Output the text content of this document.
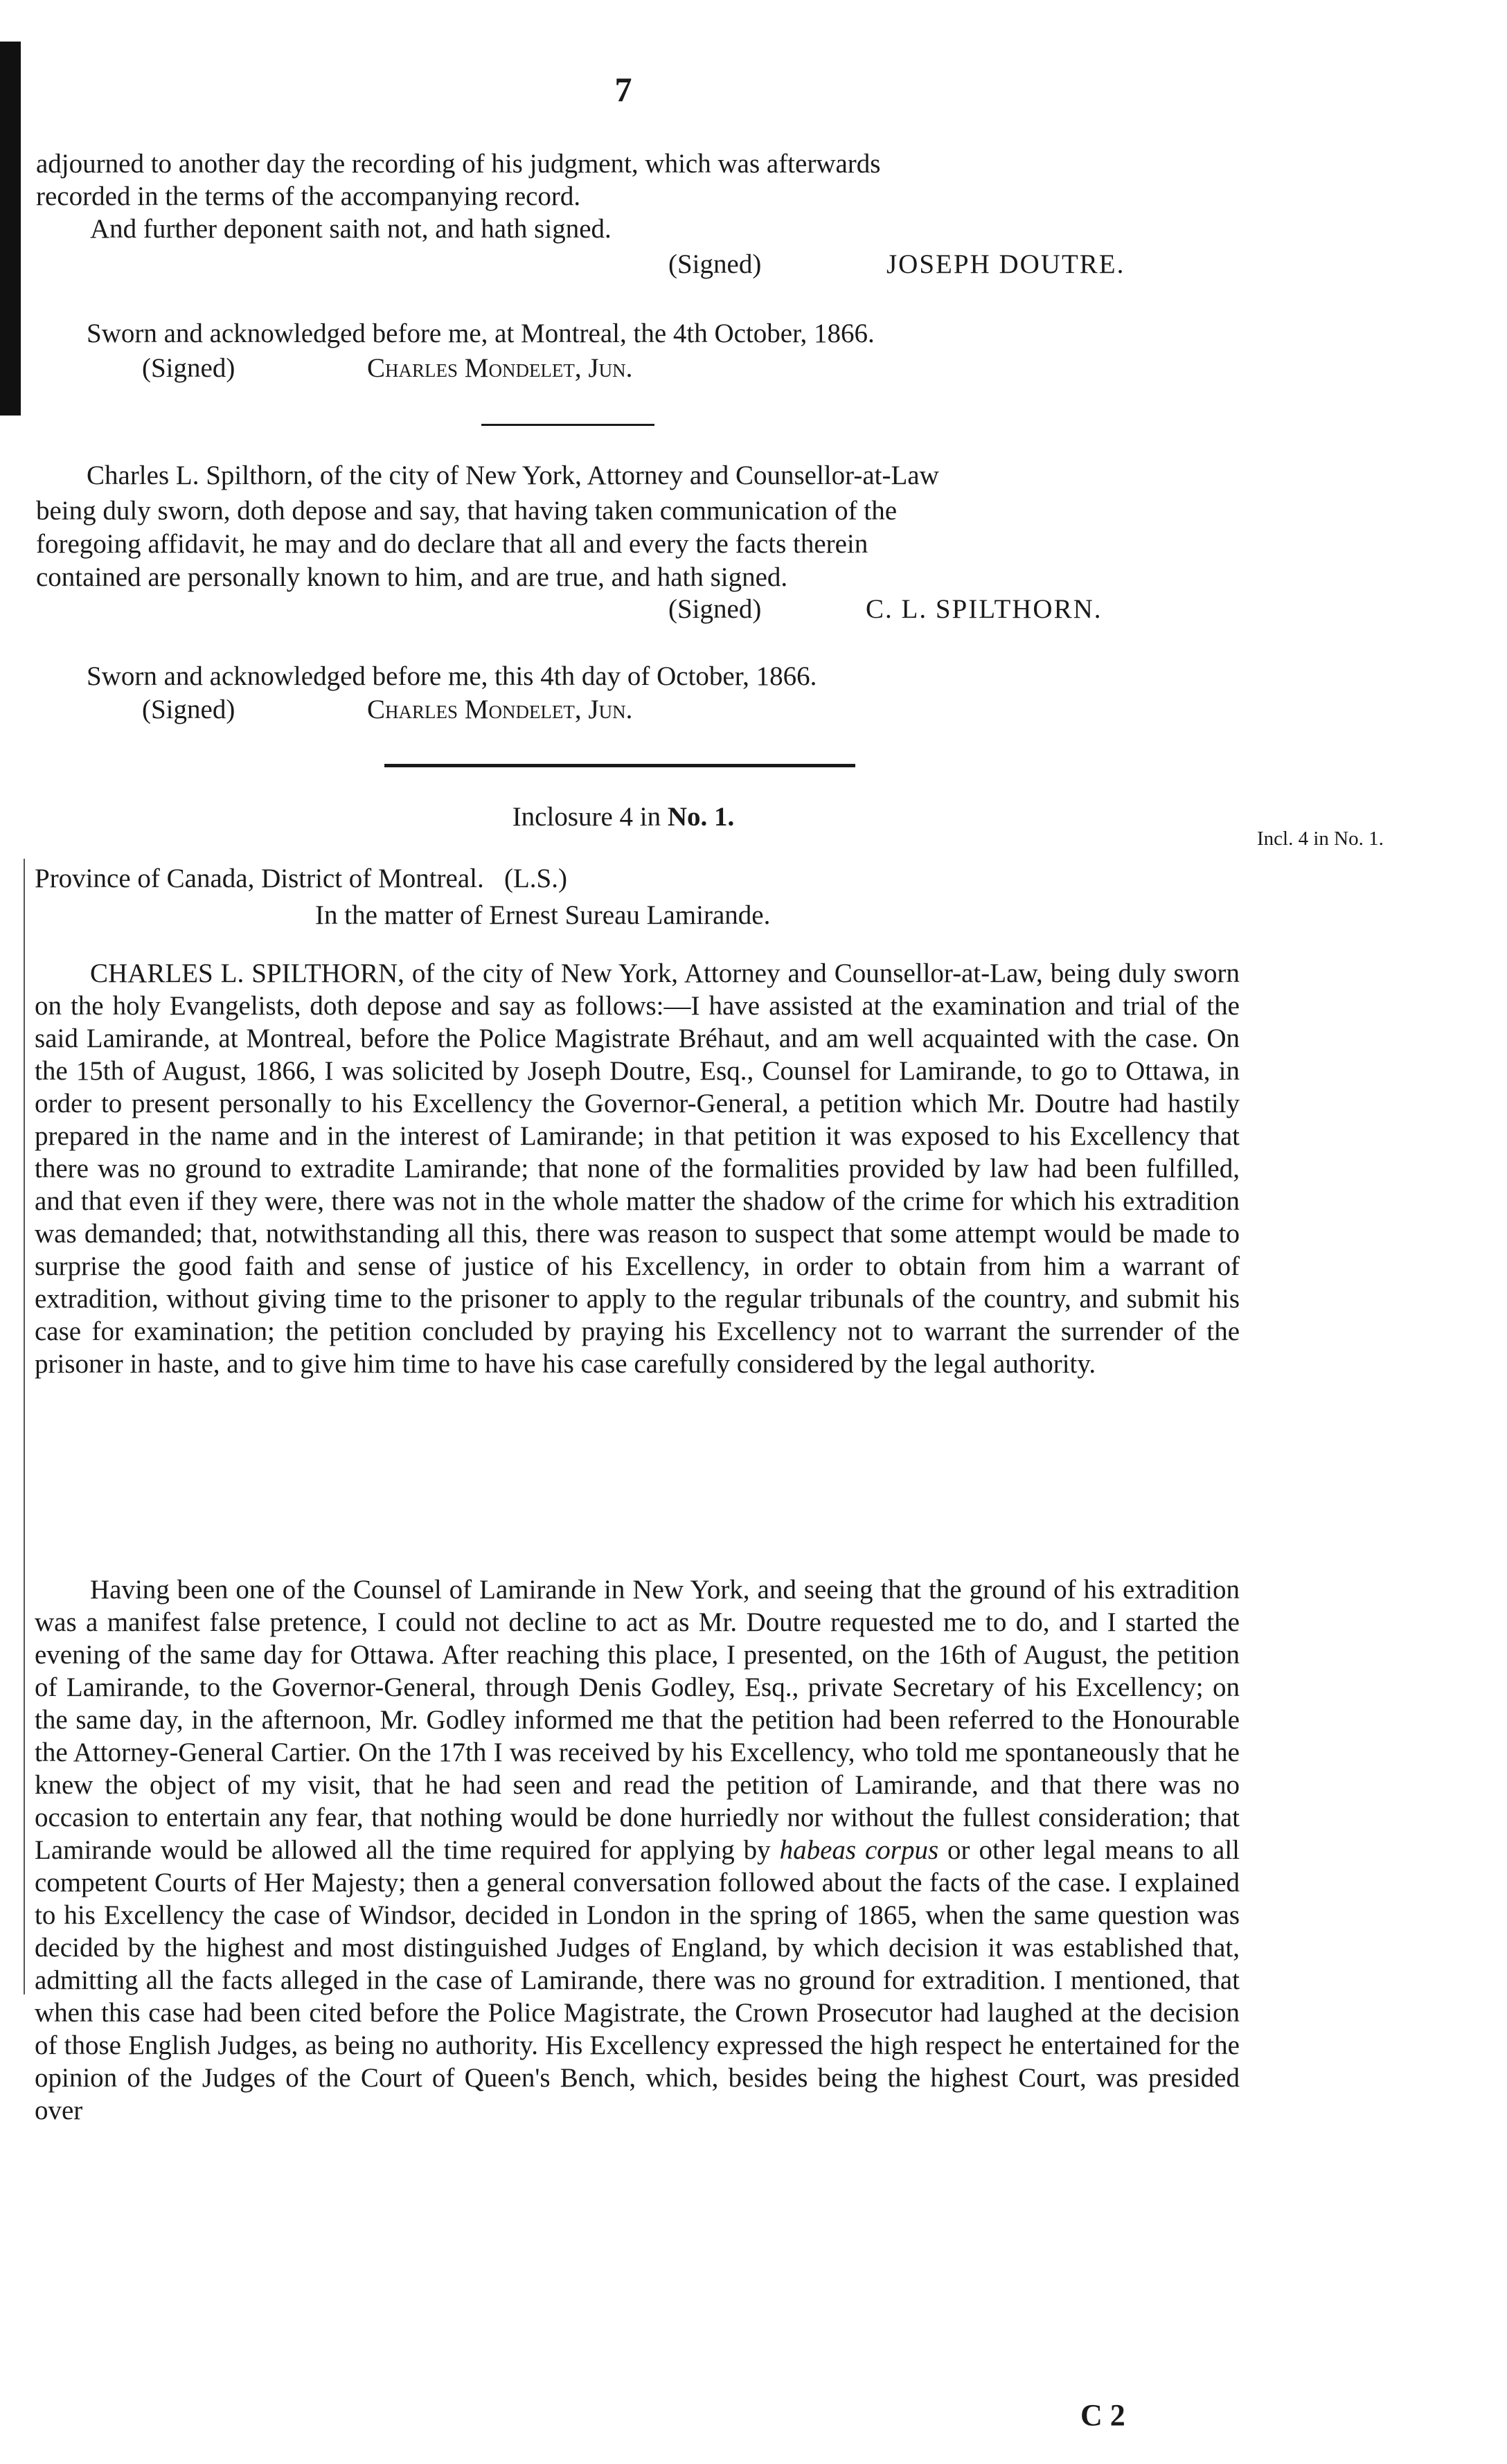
7
adjourned to another day the recording of his judgment, which was afterwards
recorded in the terms of the accompanying record.
And further deponent saith not, and hath signed.
(Signed)	JOSEPH DOUTRE.
Sworn and acknowledged before me, at Montreal, the 4th October, 1866.
(Signed)	Charles Mondelet, Jun.
Charles L. Spilthorn, of the city of New York, Attorney and Counsellor-at-Law
being duly sworn, doth depose and say, that having taken communication of the
foregoing affidavit, he may and do declare that all and every the facts therein
contained are personally known to him, and are true, and hath signed.
(Signed)	C. L. SPILTHORN.
Sworn and acknowledged before me, this 4th day of October, 1866.
(Signed)	Charles Mondelet, Jun.
Inclosure 4 in No. 1.
Incl. 4 in No. 1.
Province of Canada, District of Montreal. (L.S.)
In the matter of Ernest Sureau Lamirande.
CHARLES L. SPILTHORN, of the city of New York, Attorney and Counsellor-at-Law, being duly sworn on the holy Evangelists, doth depose and say as follows:—I have assisted at the examination and trial of the said Lamirande, at Montreal, before the Police Magistrate Bréhaut, and am well acquainted with the case. On the 15th of August, 1866, I was solicited by Joseph Doutre, Esq., Counsel for Lamirande, to go to Ottawa, in order to present personally to his Excellency the Governor-General, a petition which Mr. Doutre had hastily prepared in the name and in the interest of Lamirande; in that petition it was exposed to his Excellency that there was no ground to extradite Lamirande; that none of the formalities provided by law had been fulfilled, and that even if they were, there was not in the whole matter the shadow of the crime for which his extradition was demanded; that, notwithstanding all this, there was reason to suspect that some attempt would be made to surprise the good faith and sense of justice of his Excellency, in order to obtain from him a warrant of extradition, without giving time to the prisoner to apply to the regular tribunals of the country, and submit his case for examination; the petition concluded by praying his Excellency not to warrant the surrender of the prisoner in haste, and to give him time to have his case carefully considered by the legal authority.
Having been one of the Counsel of Lamirande in New York, and seeing that the ground of his extradition was a manifest false pretence, I could not decline to act as Mr. Doutre requested me to do, and I started the evening of the same day for Ottawa. After reaching this place, I presented, on the 16th of August, the petition of Lamirande, to the Governor-General, through Denis Godley, Esq., private Secretary of his Excellency; on the same day, in the afternoon, Mr. Godley informed me that the petition had been referred to the Honourable the Attorney-General Cartier. On the 17th I was received by his Excellency, who told me spontaneously that he knew the object of my visit, that he had seen and read the petition of Lamirande, and that there was no occasion to entertain any fear, that nothing would be done hurriedly nor without the fullest consideration; that Lamirande would be allowed all the time required for applying by habeas corpus or other legal means to all competent Courts of Her Majesty; then a general conversation followed about the facts of the case. I explained to his Excellency the case of Windsor, decided in London in the spring of 1865, when the same question was decided by the highest and most distinguished Judges of England, by which decision it was established that, admitting all the facts alleged in the case of Lamirande, there was no ground for extradition. I mentioned, that when this case had been cited before the Police Magistrate, the Crown Prosecutor had laughed at the decision of those English Judges, as being no authority. His Excellency expressed the high respect he entertained for the opinion of the Judges of the Court of Queen's Bench, which, besides being the highest Court, was presided over
C 2
